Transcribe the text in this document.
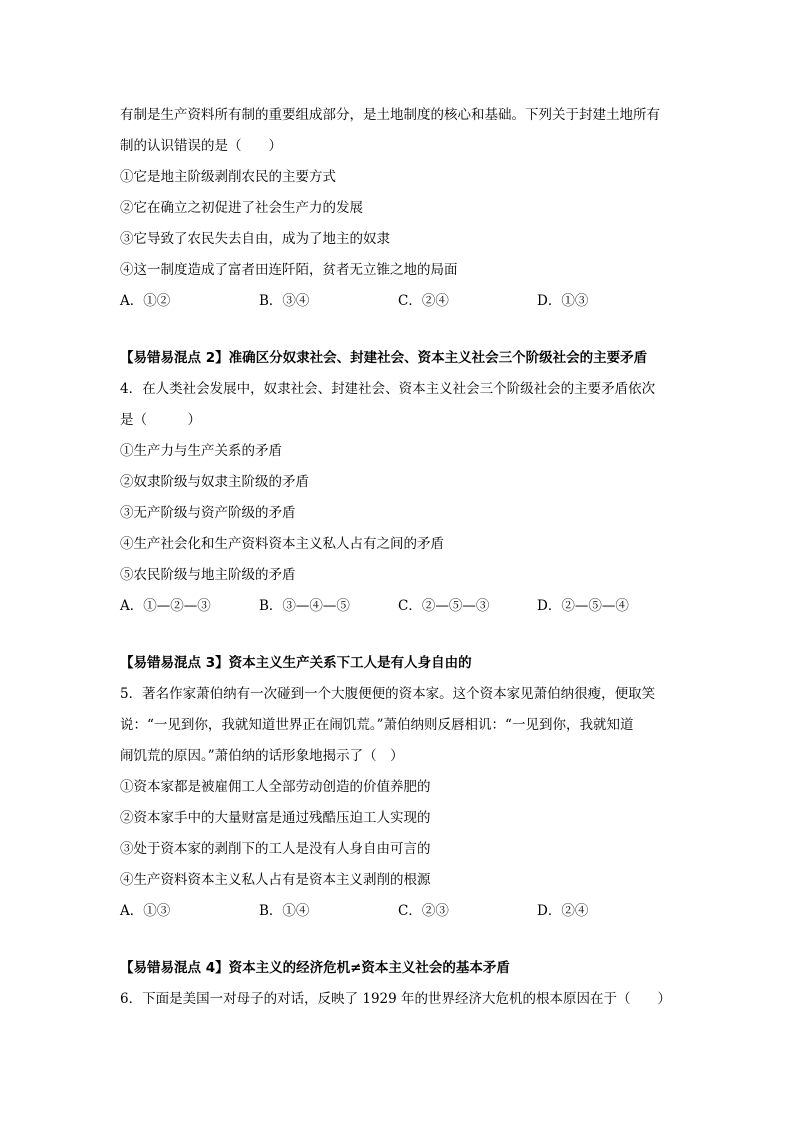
有制是生产资料所有制的重要组成部分，是土地制度的核心和基础。下列关于封建土地所有
制的认识错误的是（　　）
①它是地主阶级剥削农民的主要方式
②它在确立之初促进了社会生产力的发展
③它导致了农民失去自由，成为了地主的奴隶
④这一制度造成了富者田连阡陌，贫者无立锥之地的局面
A．①②	B．③④	C．②④	D．①③
【易错易混点 2】准确区分奴隶社会、封建社会、资本主义社会三个阶级社会的主要矛盾
4．在人类社会发展中，奴隶社会、封建社会、资本主义社会三个阶级社会的主要矛盾依次
是（　　　）
①生产力与生产关系的矛盾
②奴隶阶级与奴隶主阶级的矛盾
③无产阶级与资产阶级的矛盾
④生产社会化和生产资料资本主义私人占有之间的矛盾
⑤农民阶级与地主阶级的矛盾
A．①—②—③	B．③—④—⑤	C．②—⑤—③	D．②—⑤—④
【易错易混点 3】资本主义生产关系下工人是有人身自由的
5．著名作家萧伯纳有一次碰到一个大腹便便的资本家。这个资本家见萧伯纳很瘦，便取笑
说：“一见到你，我就知道世界正在闹饥荒。”萧伯纳则反唇相讥：“一见到你，我就知道
闹饥荒的原因。”萧伯纳的话形象地揭示了（　）
①资本家都是被雇佣工人全部劳动创造的价值养肥的
②资本家手中的大量财富是通过残酷压迫工人实现的
③处于资本家的剥削下的工人是没有人身自由可言的
④生产资料资本主义私人占有是资本主义剥削的根源
A．①③	B．①④	C．②③	D．②④
【易错易混点 4】资本主义的经济危机≠资本主义社会的基本矛盾
6．下面是美国一对母子的对话，反映了 1929 年的世界经济大危机的根本原因在于（　　）
